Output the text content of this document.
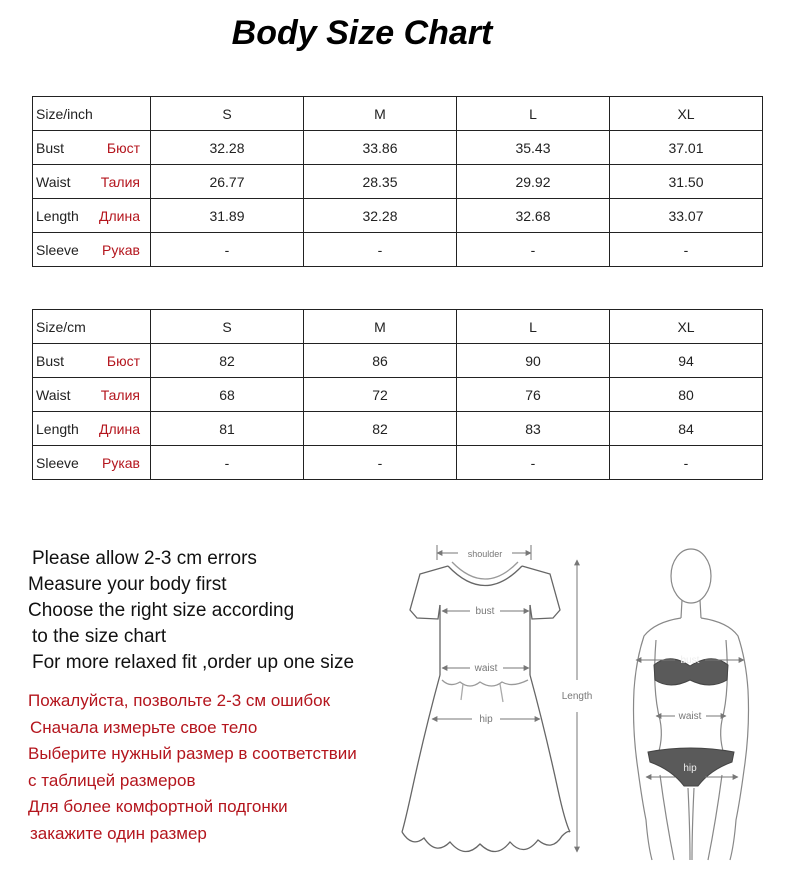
Body Size Chart
Size/inch	S	M	L	XL

Bust Бюст	32.28	33.86	35.43	37.01

Waist Талия	26.77	28.35	29.92	31.50

Length Длина	31.89	32.28	32.68	33.07

Sleeve Рукав	-	-	-	-
Size/cm	S	M	L	XL

Bust Бюст	82	86	90	94

Waist Талия	68	72	76	80

Length Длина	81	82	83	84

Sleeve Рукав	-	-	-	-
Please allow 2-3 cm errors
Measure your body first
Choose the right size according
to the size chart
For more relaxed fit ,order up one size
Пожалуйста, позвольте 2-3 см ошибок
Сначала измерьте свое тело
Выберите нужный размер в соответствии
с таблицей размеров
Для более комфортной подгонки
закажите один размер
shoulder
bust
waist
hip
Length
bust
waist
hip
